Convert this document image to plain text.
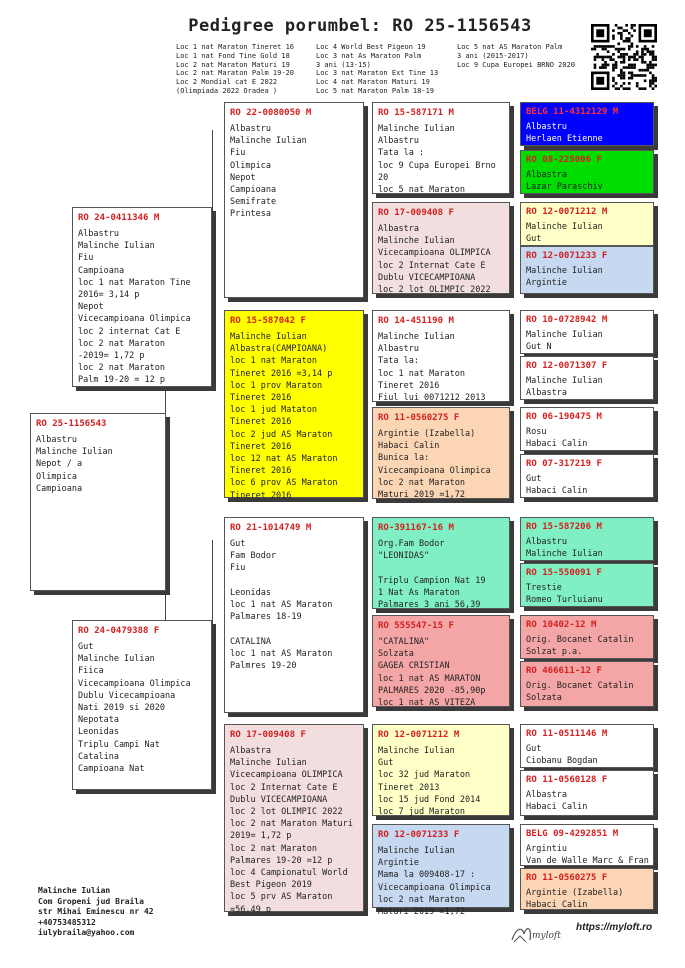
Pedigree porumbel: RO 25-1156543
Loc 1 nat Maraton Tineret 16
Loc 1 nat Fond Tine Gold 18
Loc 2 nat Maraton Maturi 19
Loc 2 nat Maraton Palm 19-20
Loc 2 Mondial cat E 2022
(Olimpiada 2022 Oradea )
Loc 4 World Best Pigeon 19
Loc 3 nat As Maraton Palm
3 ani (13-15)
Loc 3 nat Maraton Ext Tine 13
Loc 4 nat Maraton Maturi 19
Loc 5 nat Maraton Palm 18-19
Loc 5 nat AS Maraton Palm
3 ani (2015-2017)
Loc 9 Cupa Europei BRNO 2020
RO 25-1156543
Albastru
Malinche Iulian
Nepot / a
Olimpica
Campioana
RO 24-0411346 M
Albastru
Malinche Iulian
Fiu
Campioana
loc 1 nat Maraton Tine
2016= 3,14 p
Nepot
Vicecampioana Olimpica
loc 2 internat Cat E
loc 2 nat Maraton
-2019= 1,72 p
loc 2 nat Maraton
Palm 19-20 = 12 p
RO 24-0479388 F
Gut
Malinche Iulian
Fiica
Vicecampioana Olimpica
Dublu Vicecampioana
Nati 2019 si 2020
Nepotata
Leonidas
Triplu Campi Nat
Catalina
Campioana Nat
RO 22-0080050 M
Albastru
Malinche Iulian
Fiu
Olimpica
Nepot
Campioana
Semifrate
Printesa
RO 15-587042 F
Malinche Iulian
Albastra(CAMPIOANA)
loc 1 nat Maraton
Tineret 2016 =3,14 p
loc 1 prov Maraton
Tineret 2016
loc 1 jud Mataton
Tineret 2016
loc 2 jud AS Maraton
Tineret 2016
loc 12 nat AS Maraton
Tineret 2016
loc 6 prov AS Maraton
Tineret 2016
RO 21-1014749 M
Gut
Fam Bodor
Fiu

Leonidas
loc 1 nat AS Maraton
Palmares 18-19

CATALINA
loc 1 nat AS Maraton
Palmres 19-20
RO 17-009408 F
Albastra
Malinche Iulian
Vicecampioana OLIMPICA
loc 2 Internat Cate E
Dublu VICECAMPIOANA
loc 2 lot OLIMPIC 2022
loc 2 nat Maraton Maturi
2019= 1,72 p
loc 2 nat Maraton
Palmares 19-20 =12 p
loc 4 Campionatul World
Best Pigeon 2019
loc 5 prv AS Maraton
=56,49 p
RO 15-587171 M
Malinche Iulian
Albastru
Tata la :
loc 9 Cupa Europei Brno
20
loc 5 nat Maraton
RO 17-009408 F
Albastra
Malinche Iulian
Vicecampioana OLIMPICA
loc 2 Internat Cate E
Dublu VICECAMPIOANA
loc 2 lot OLIMPIC 2022
RO 14-451190 M
Malinche Iulian
Albastru
Tata la:
loc 1 nat Maraton
Tineret 2016
Fiul lui 0071212 2013
RO 11-0560275 F
Argintie (Izabella)
Habaci Calin
Bunica la:
Vicecampioana Olimpica
loc 2 nat Maraton
Maturi 2019 =1,72
RO-391167-16 M
Org.Fam Bodor
"LEONIDAS"

Triplu Campion Nat 19
1 Nat As Maraton
Palmares 3 ani 56,39
RO 555547-15 F
"CATALINA"
Solzata
GAGEA CRISTIAN
loc 1 nat AS MARATON
PALMARES 2020 -85,90p
loc 1 nat AS VITEZA
RO 12-0071212 M
Malinche Iulian
Gut
loc 32 jud Maraton
Tineret 2013
loc 15 jud Fond 2014
loc 7 jud Maraton
RO 12-0071233 F
Malinche Iulian
Argintie
Mama la 009408-17 :
Vicecampioana Olimpica
loc 2 nat Maraton
Maturi 2019 =1,72
BELG 11-4312129 M
Albastru
Herlaen Etienne
RO 08-225006 F
Albastra
Lazar Paraschiv
RO 12-0071212 M
Malinche Iulian
Gut
RO 12-0071233 F
Malinche Iulian
Argintie
RO 10-0728942 M
Malinche Iulian
Gut N
RO 12-0071307 F
Malinche Iulian
Albastra
RO 06-190475 M
Rosu
Habaci Calin
RO 07-317219 F
Gut
Habaci Calin
RO 15-587206 M
Albastru
Malinche Iulian
RO 15-550091 F
Trestie
Romeo Turluianu
RO 10402-12 M
Orig. Bocanet Catalin
Solzat p.a.
RO 466611-12 F
Orig. Bocanet Catalin
Solzata
RO 11-0511146 M
Gut
Ciobanu Bogdan
RO 11-0560128 F
Albastra
Habaci Calin
BELG 09-4292851 M
Argintiu
Van de Walle Marc & Fran
RO 11-0560275 F
Argintie (Izabella)
Habaci Calin
Malinche Iulian
Com Gropeni jud Braila
str Mihai Eminescu nr 42
+40753485312
iulybraila@yahoo.com	myloft
https://myloft.ro
